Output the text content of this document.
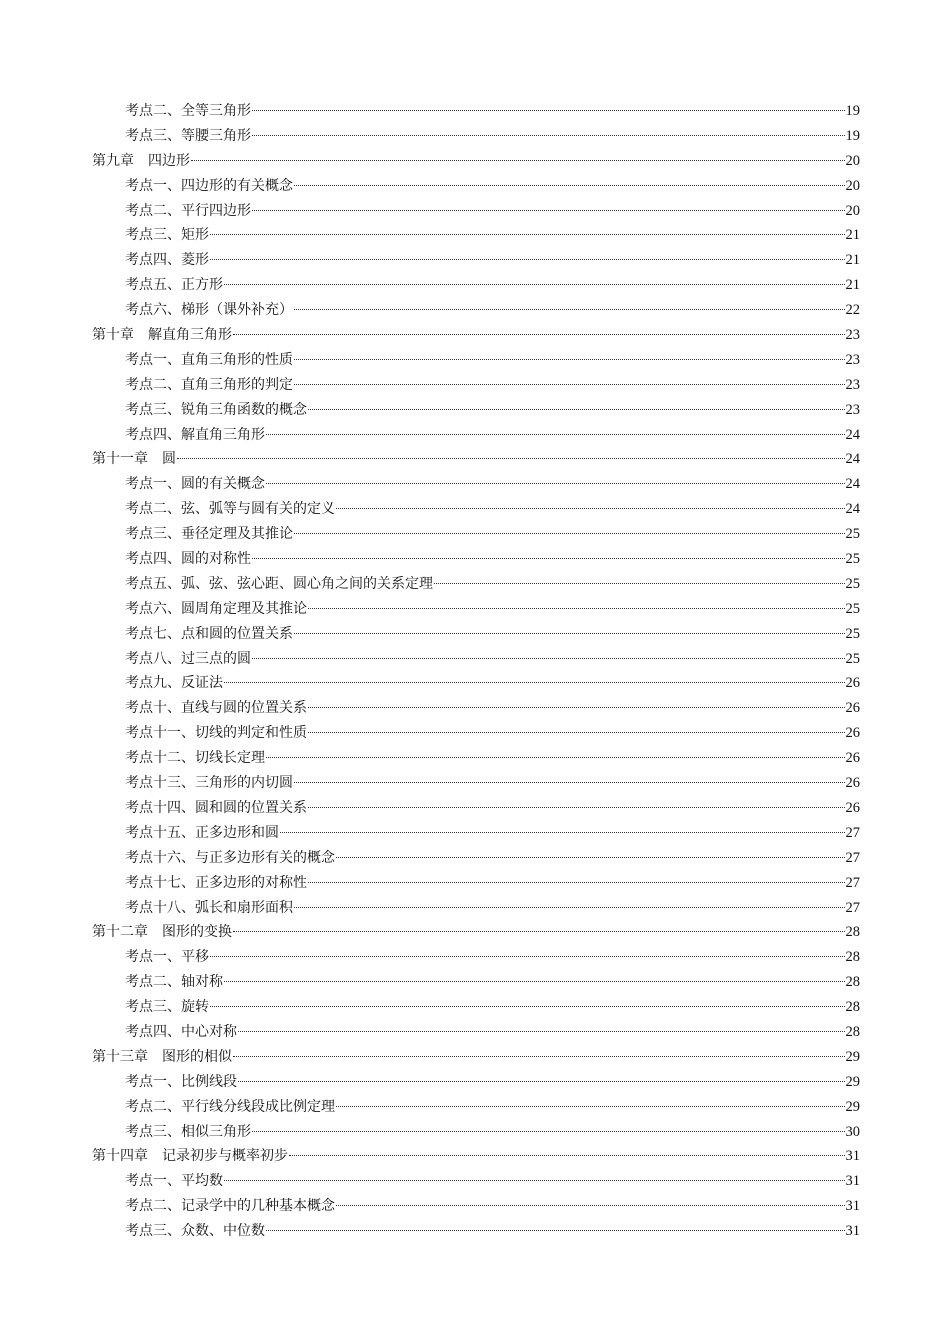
考点二、全等三角形	19
考点三、等腰三角形	19
第九章　四边形	20
考点一、四边形的有关概念	20
考点二、平行四边形	20
考点三、矩形	21
考点四、菱形	21
考点五、正方形	21
考点六、梯形（课外补充）	22
第十章　解直角三角形	23
考点一、直角三角形的性质	23
考点二、直角三角形的判定	23
考点三、锐角三角函数的概念	23
考点四、解直角三角形	24
第十一章　圆	24
考点一、圆的有关概念	24
考点二、弦、弧等与圆有关的定义	24
考点三、垂径定理及其推论	25
考点四、圆的对称性	25
考点五、弧、弦、弦心距、圆心角之间的关系定理	25
考点六、圆周角定理及其推论	25
考点七、点和圆的位置关系	25
考点八、过三点的圆	25
考点九、反证法	26
考点十、直线与圆的位置关系	26
考点十一、切线的判定和性质	26
考点十二、切线长定理	26
考点十三、三角形的内切圆	26
考点十四、圆和圆的位置关系	26
考点十五、正多边形和圆	27
考点十六、与正多边形有关的概念	27
考点十七、正多边形的对称性	27
考点十八、弧长和扇形面积	27
第十二章　图形的变换	28
考点一、平移	28
考点二、轴对称	28
考点三、旋转	28
考点四、中心对称	28
第十三章　图形的相似	29
考点一、比例线段	29
考点二、平行线分线段成比例定理	29
考点三、相似三角形	30
第十四章　记录初步与概率初步	31
考点一、平均数	31
考点二、记录学中的几种基本概念	31
考点三、众数、中位数	31
